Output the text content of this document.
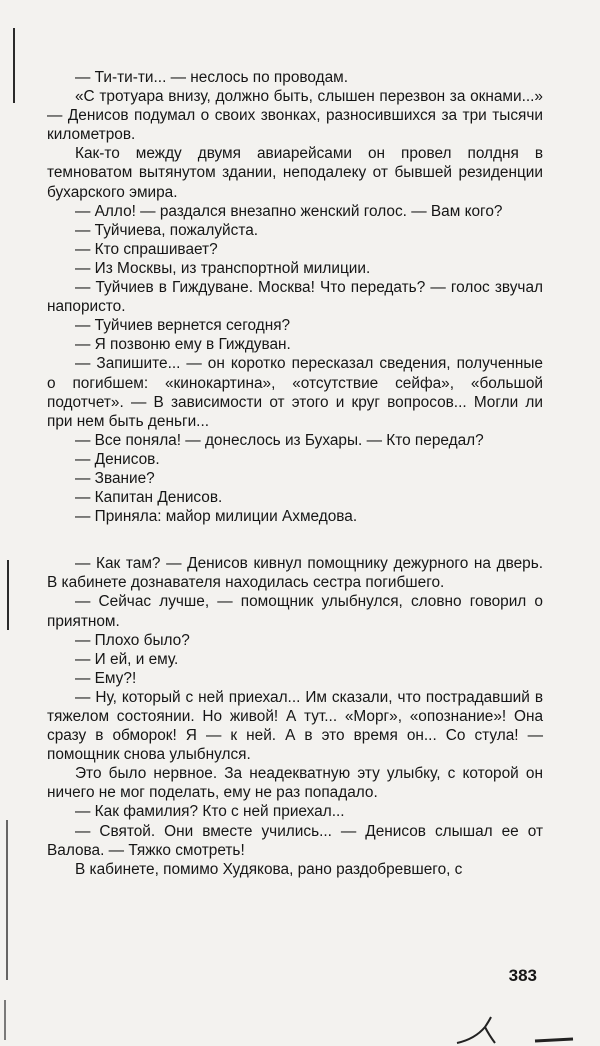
— Ти-ти-ти... — неслось по проводам.

«С тротуара внизу, должно быть, слышен перезвон за окнами...» — Денисов подумал о своих звонках, разносившихся за три тысячи километров.

Как-то между двумя авиарейсами он провел полдня в темноватом вытянутом здании, неподалеку от бывшей резиденции бухарского эмира.

— Алло! — раздался внезапно женский голос. — Вам кого?

— Туйчиева, пожалуйста.

— Кто спрашивает?

— Из Москвы, из транспортной милиции.

— Туйчиев в Гиждуване. Москва! Что передать? — голос звучал напористо.

— Туйчиев вернется сегодня?

— Я позвоню ему в Гиждуван.

— Запишите... — он коротко пересказал сведения, полученные о погибшем: «кинокартина», «отсутствие сейфа», «большой подотчет». — В зависимости от этого и круг вопросов... Могли ли при нем быть деньги...

— Все поняла! — донеслось из Бухары. — Кто передал?

— Денисов.

— Звание?

— Капитан Денисов.

— Приняла: майор милиции Ахмедова.

— Как там? — Денисов кивнул помощнику дежурного на дверь. В кабинете дознавателя находилась сестра погибшего.

— Сейчас лучше, — помощник улыбнулся, словно говорил о приятном.

— Плохо было?

— И ей, и ему.

— Ему?!

— Ну, который с ней приехал... Им сказали, что пострадавший в тяжелом состоянии. Но живой! А тут... «Морг», «опознание»! Она сразу в обморок! Я — к ней. А в это время он... Со стула! — помощник снова улыбнулся.

Это было нервное. За неадекватную эту улыбку, с которой он ничего не мог поделать, ему не раз попадало.

— Как фамилия? Кто с ней приехал...

— Святой. Они вместе учились... — Денисов слышал ее от Валова. — Тяжко смотреть!

В кабинете, помимо Худякова, рано раздобревшего, с

383
